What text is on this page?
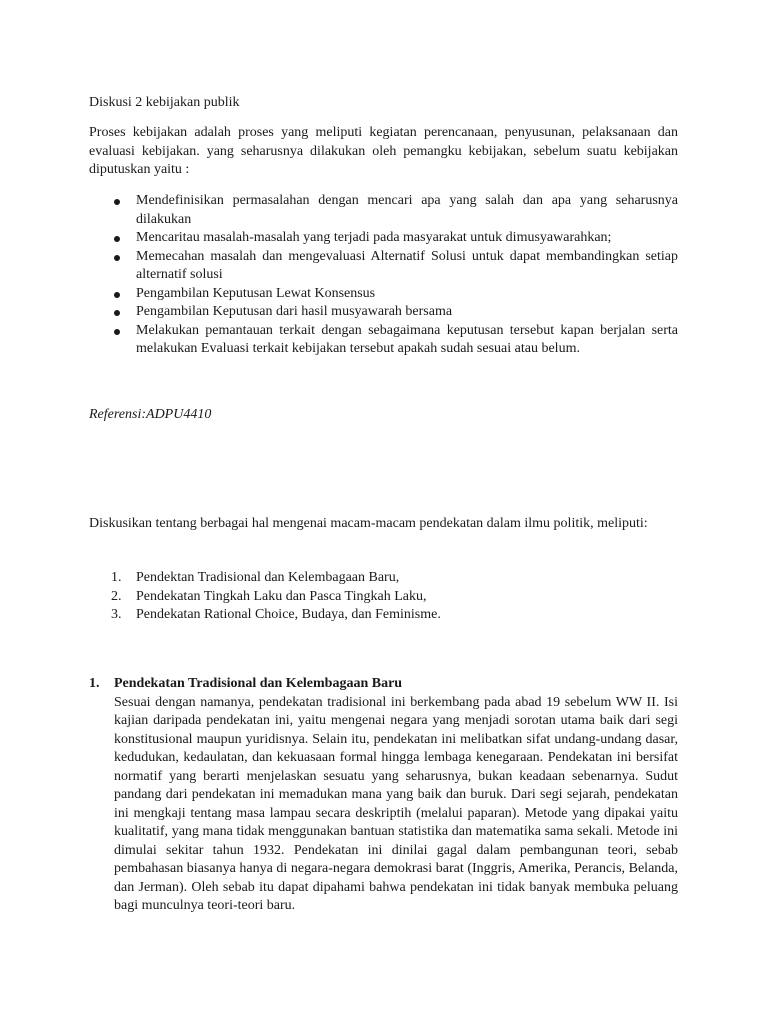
Diskusi 2 kebijakan publik

Proses kebijakan adalah proses yang meliputi kegiatan perencanaan, penyusunan, pelaksanaan dan evaluasi kebijakan. yang seharusnya dilakukan oleh pemangku kebijakan, sebelum suatu kebijakan diputuskan yaitu :

Mendefinisikan permasalahan dengan mencari apa yang salah dan apa yang seharusnya dilakukan
Mencaritau masalah-masalah yang terjadi pada masyarakat untuk dimusyawarahkan;
Memecahan masalah dan mengevaluasi Alternatif Solusi untuk dapat membandingkan setiap alternatif solusi
Pengambilan Keputusan Lewat Konsensus
Pengambilan Keputusan dari hasil musyawarah bersama
Melakukan pemantauan terkait dengan sebagaimana keputusan tersebut kapan berjalan serta melakukan Evaluasi terkait kebijakan tersebut apakah sudah sesuai atau belum.

Referensi:ADPU4410

Diskusikan tentang berbagai hal mengenai macam-macam pendekatan dalam ilmu politik, meliputi:

1. Pendektan Tradisional dan Kelembagaan Baru,
2. Pendekatan Tingkah Laku dan Pasca Tingkah Laku,
3. Pendekatan Rational Choice, Budaya, dan Feminisme.
1. Pendekatan Tradisional dan Kelembagaan Baru

Sesuai dengan namanya, pendekatan tradisional ini berkembang pada abad 19 sebelum WW II. Isi kajian daripada pendekatan ini, yaitu mengenai negara yang menjadi sorotan utama baik dari segi konstitusional maupun yuridisnya. Selain itu, pendekatan ini melibatkan sifat undang-undang dasar, kedudukan, kedaulatan, dan kekuasaan formal hingga lembaga kenegaraan. Pendekatan ini bersifat normatif yang berarti menjelaskan sesuatu yang seharusnya, bukan keadaan sebenarnya. Sudut pandang dari pendekatan ini memadukan mana yang baik dan buruk. Dari segi sejarah, pendekatan ini mengkaji tentang masa lampau secara deskriptih (melalui paparan). Metode yang dipakai yaitu kualitatif, yang mana tidak menggunakan bantuan statistika dan matematika sama sekali. Metode ini dimulai sekitar tahun 1932. Pendekatan ini dinilai gagal dalam pembangunan teori, sebab pembahasan biasanya hanya di negara-negara demokrasi barat (Inggris, Amerika, Perancis, Belanda, dan Jerman). Oleh sebab itu dapat dipahami bahwa pendekatan ini tidak banyak membuka peluang bagi munculnya teori-teori baru.
